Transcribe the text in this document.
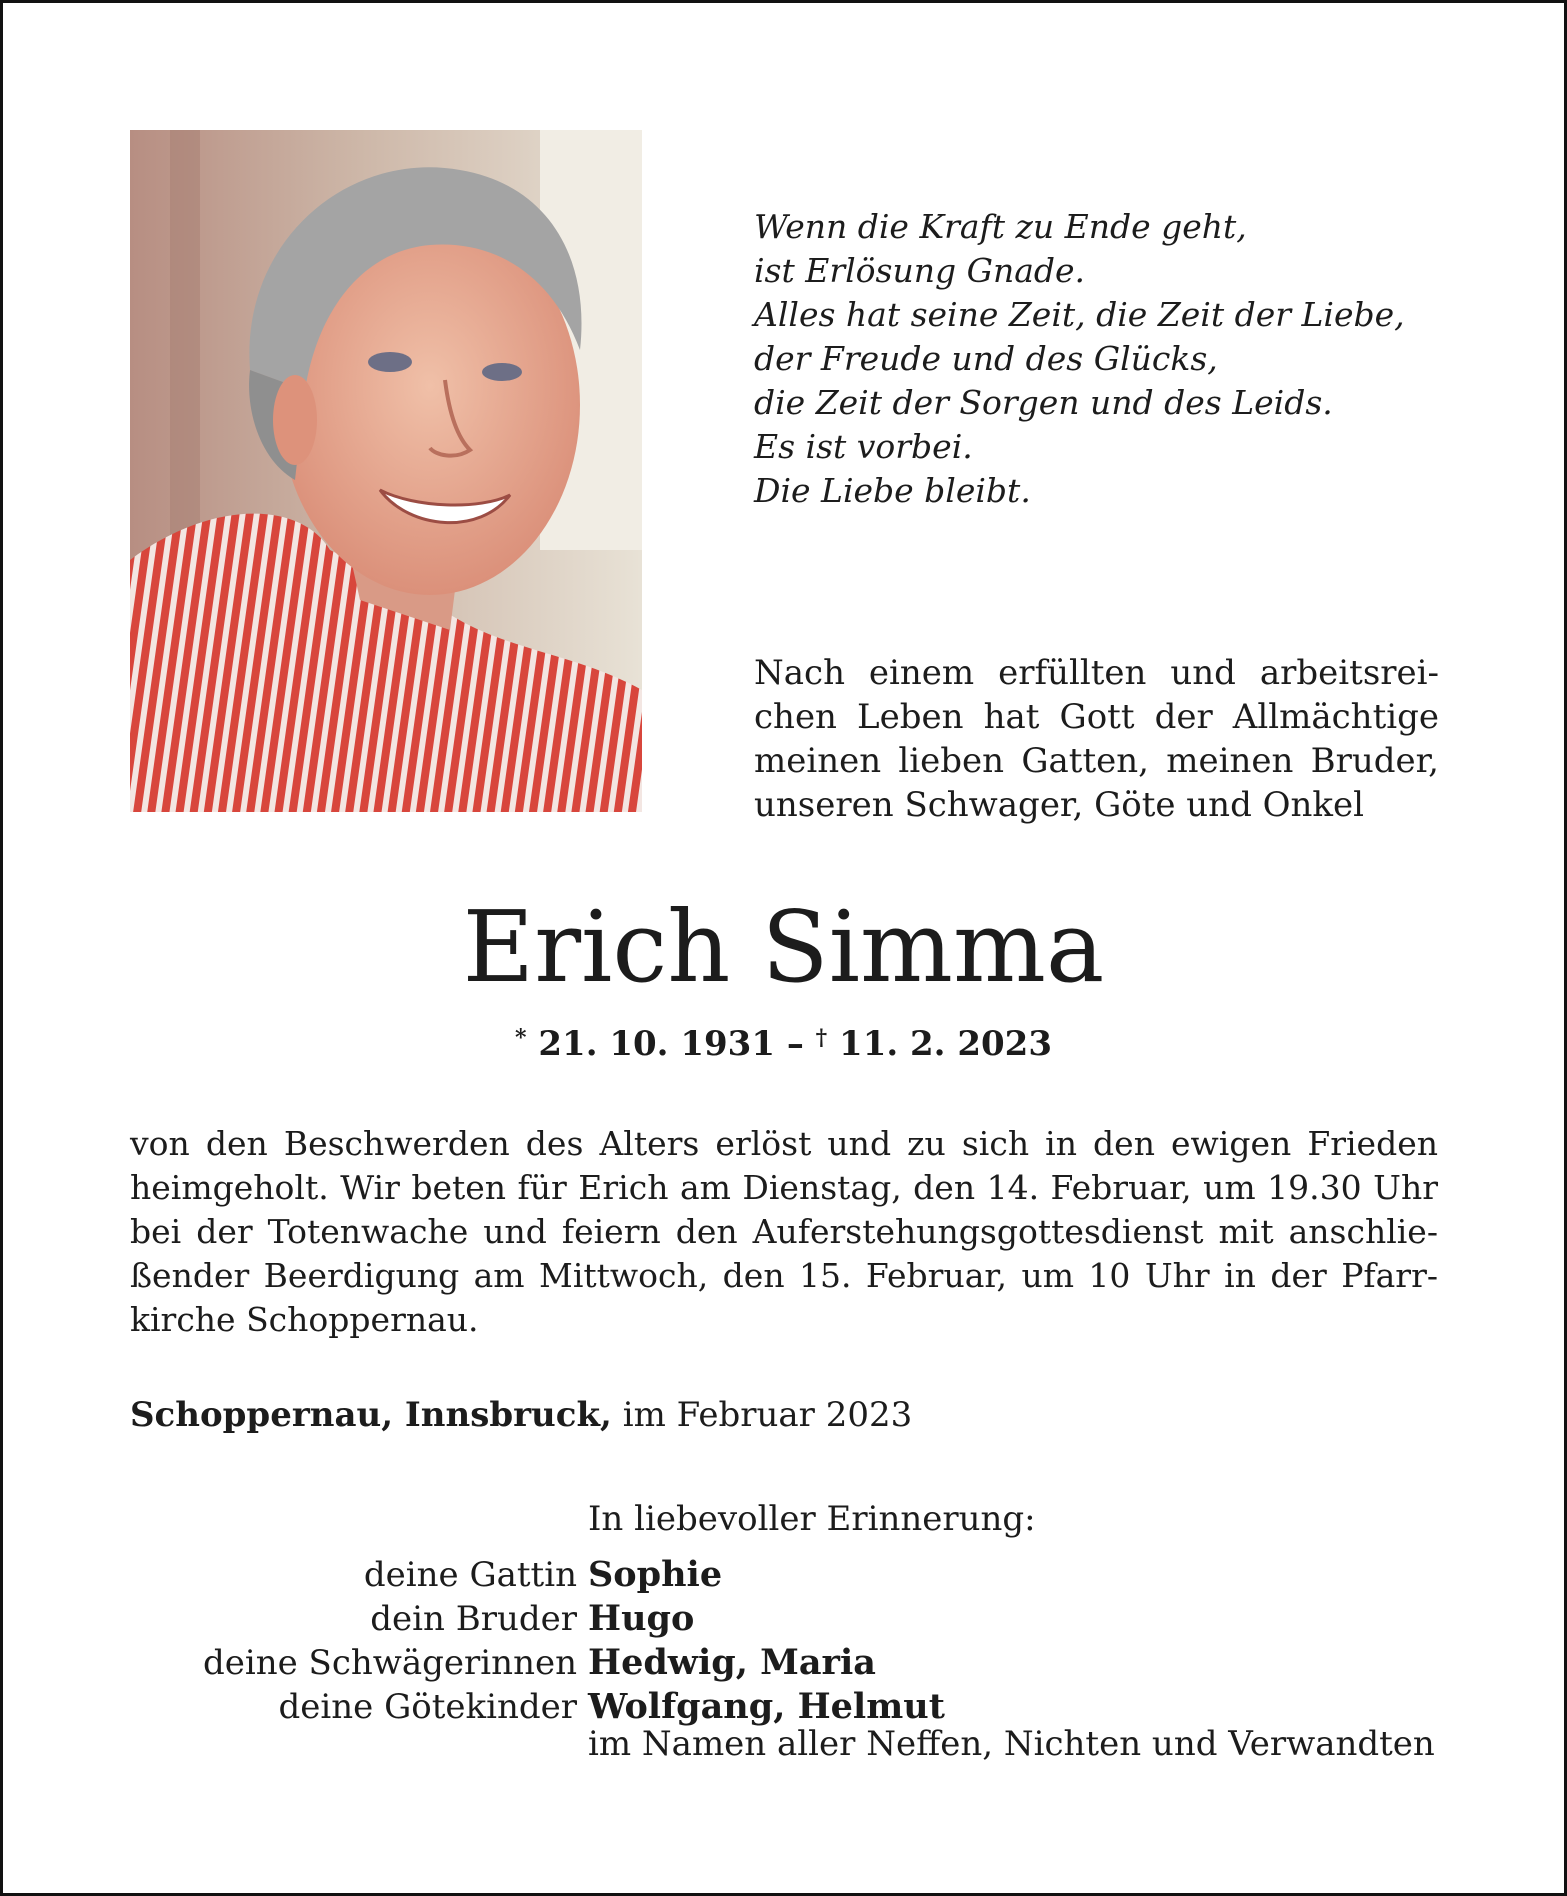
Wenn die Kraft zu Ende geht,
ist Erlösung Gnade.
Alles hat seine Zeit, die Zeit der Liebe,
der Freude und des Glücks,
die Zeit der Sorgen und des Leids.
Es ist vorbei.
Die Liebe bleibt.
Nach einem erfüllten und arbeitsrei-
chen Leben hat Gott der Allmächtige
meinen lieben Gatten, meinen Bruder,
unseren Schwager, Göte und Onkel
Erich Simma
* 21. 10. 1931 – † 11. 2. 2023
von den Beschwerden des Alters erlöst und zu sich in den ewigen Frieden
heimgeholt. Wir beten für Erich am Dienstag, den 14. Februar, um 19.30 Uhr
bei der Totenwache und feiern den Auferstehungsgottesdienst mit anschlie-
ßender Beerdigung am Mittwoch, den 15. Februar, um 10 Uhr in der Pfarr-
kirche Schoppernau.
Schoppernau, Innsbruck, im Februar 2023
In liebevoller Erinnerung:
deine Gattin Sophie
dein Bruder Hugo
deine Schwägerinnen Hedwig, Maria
deine Götekinder Wolfgang, Helmut
im Namen aller Neffen, Nichten und Verwandten
